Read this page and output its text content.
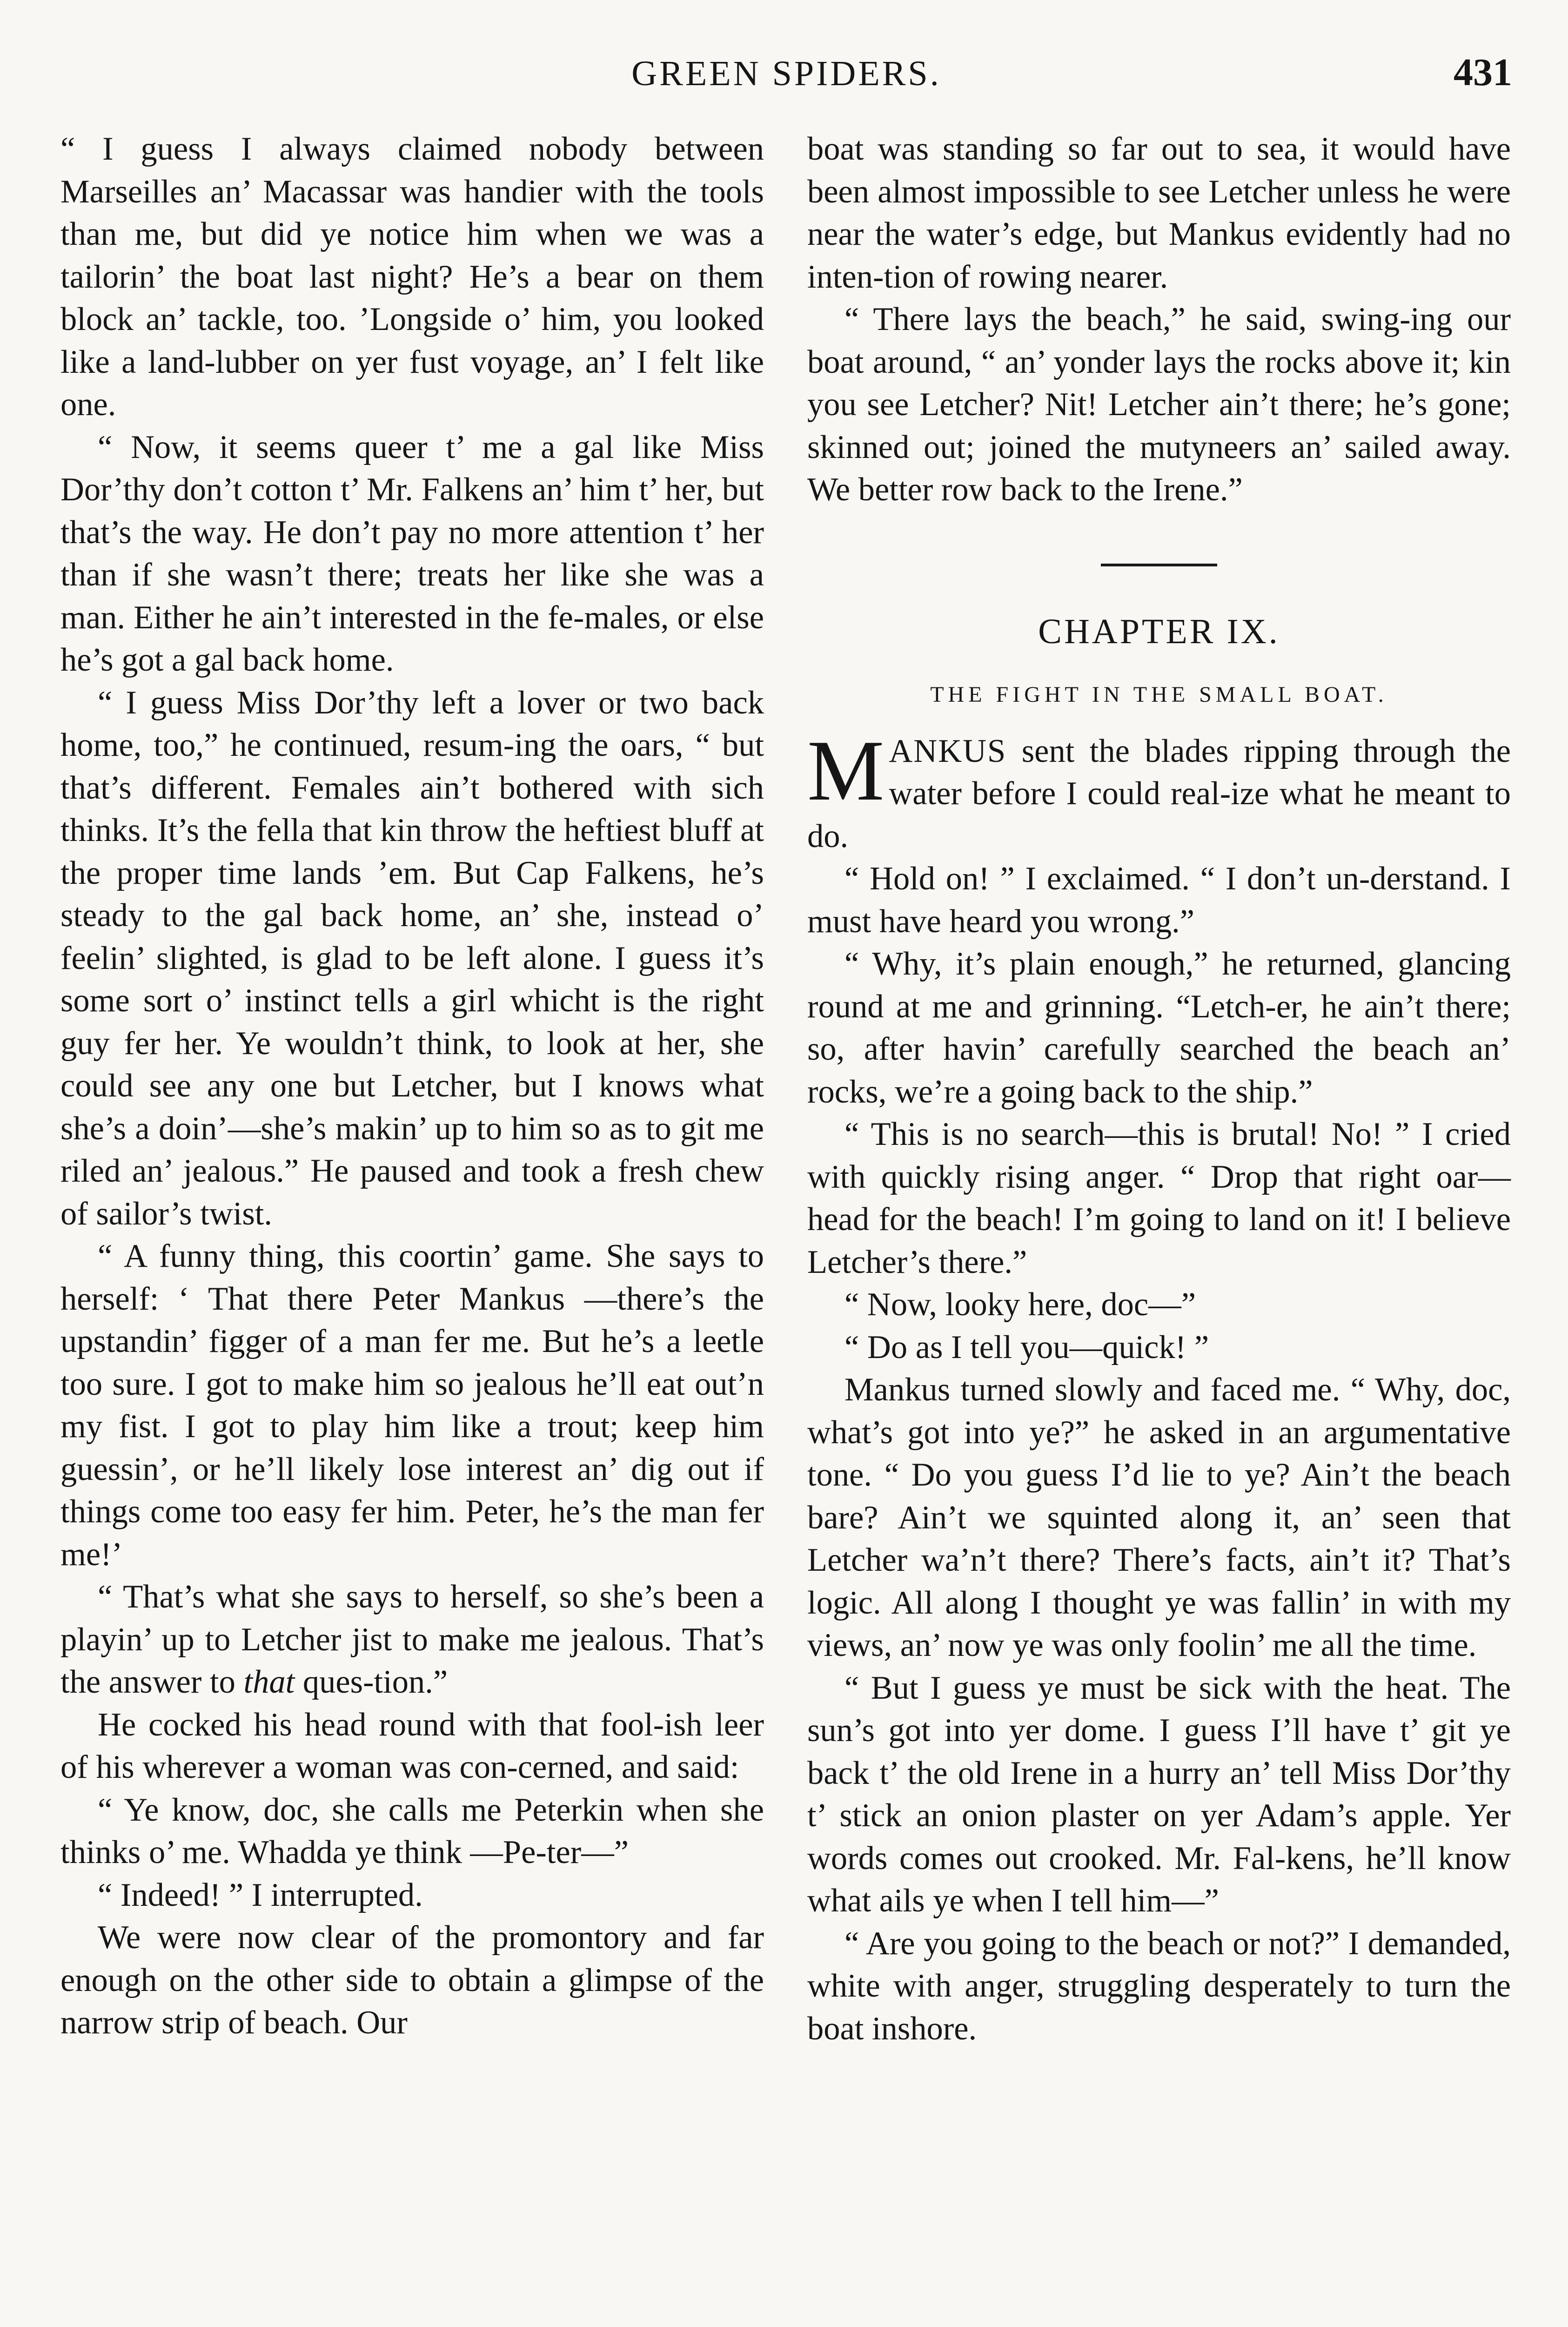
GREEN SPIDERS.	431

“ I guess I always claimed nobody between Marseilles an’ Macassar was handier with the tools than me, but did ye notice him when we was a tailorin’ the boat last night? He’s a bear on them block an’ tackle, too. ’Longside o’ him, you looked like a land-lubber on yer fust voyage, an’ I felt like one.

“ Now, it seems queer t’ me a gal like Miss Dor’thy don’t cotton t’ Mr. Falkens an’ him t’ her, but that’s the way. He don’t pay no more attention t’ her than if she wasn’t there; treats her like she was a man. Either he ain’t interested in the fe-males, or else he’s got a gal back home.

“ I guess Miss Dor’thy left a lover or two back home, too,” he continued, resum-ing the oars, “ but that’s different. Females ain’t bothered with sich thinks. It’s the fella that kin throw the heftiest bluff at the proper time lands ’em. But Cap Falkens, he’s steady to the gal back home, an’ she, instead o’ feelin’ slighted, is glad to be left alone. I guess it’s some sort o’ instinct tells a girl whicht is the right guy fer her. Ye wouldn’t think, to look at her, she could see any one but Letcher, but I knows what she’s a doin’—she’s makin’ up to him so as to git me riled an’ jealous.” He paused and took a fresh chew of sailor’s twist.

“ A funny thing, this coortin’ game. She says to herself: ‘ That there Peter Mankus —there’s the upstandin’ figger of a man fer me. But he’s a leetle too sure. I got to make him so jealous he’ll eat out’n my fist. I got to play him like a trout; keep him guessin’, or he’ll likely lose interest an’ dig out if things come too easy fer him. Peter, he’s the man fer me!’

“ That’s what she says to herself, so she’s been a playin’ up to Letcher jist to make me jealous. That’s the answer to that ques-tion.”

He cocked his head round with that fool-ish leer of his wherever a woman was con-cerned, and said:

“ Ye know, doc, she calls me Peterkin when she thinks o’ me. Whadda ye think —Pe-ter—”

“ Indeed! ” I interrupted.

We were now clear of the promontory and far enough on the other side to obtain a glimpse of the narrow strip of beach. Our

boat was standing so far out to sea, it would have been almost impossible to see Letcher unless he were near the water’s edge, but Mankus evidently had no inten-tion of rowing nearer.

“ There lays the beach,” he said, swing-ing our boat around, “ an’ yonder lays the rocks above it; kin you see Letcher? Nit! Letcher ain’t there; he’s gone; skinned out; joined the mutyneers an’ sailed away. We better row back to the Irene.”

CHAPTER IX.
THE FIGHT IN THE SMALL BOAT.

MANKUS sent the blades ripping through the water before I could real-ize what he meant to do.

“ Hold on! ” I exclaimed. “ I don’t un-derstand. I must have heard you wrong.”

“ Why, it’s plain enough,” he returned, glancing round at me and grinning. “Letch-er, he ain’t there; so, after havin’ carefully searched the beach an’ rocks, we’re a going back to the ship.”

“ This is no search—this is brutal! No! ” I cried with quickly rising anger. “ Drop that right oar—head for the beach! I’m going to land on it! I believe Letcher’s there.”

“ Now, looky here, doc—”

“ Do as I tell you—quick! ”

Mankus turned slowly and faced me. “ Why, doc, what’s got into ye?” he asked in an argumentative tone. “ Do you guess I’d lie to ye? Ain’t the beach bare? Ain’t we squinted along it, an’ seen that Letcher wa’n’t there? There’s facts, ain’t it? That’s logic. All along I thought ye was fallin’ in with my views, an’ now ye was only foolin’ me all the time.

“ But I guess ye must be sick with the heat. The sun’s got into yer dome. I guess I’ll have t’ git ye back t’ the old Irene in a hurry an’ tell Miss Dor’thy t’ stick an onion plaster on yer Adam’s apple. Yer words comes out crooked. Mr. Fal-kens, he’ll know what ails ye when I tell him—”

“ Are you going to the beach or not?” I demanded, white with anger, struggling desperately to turn the boat inshore.
